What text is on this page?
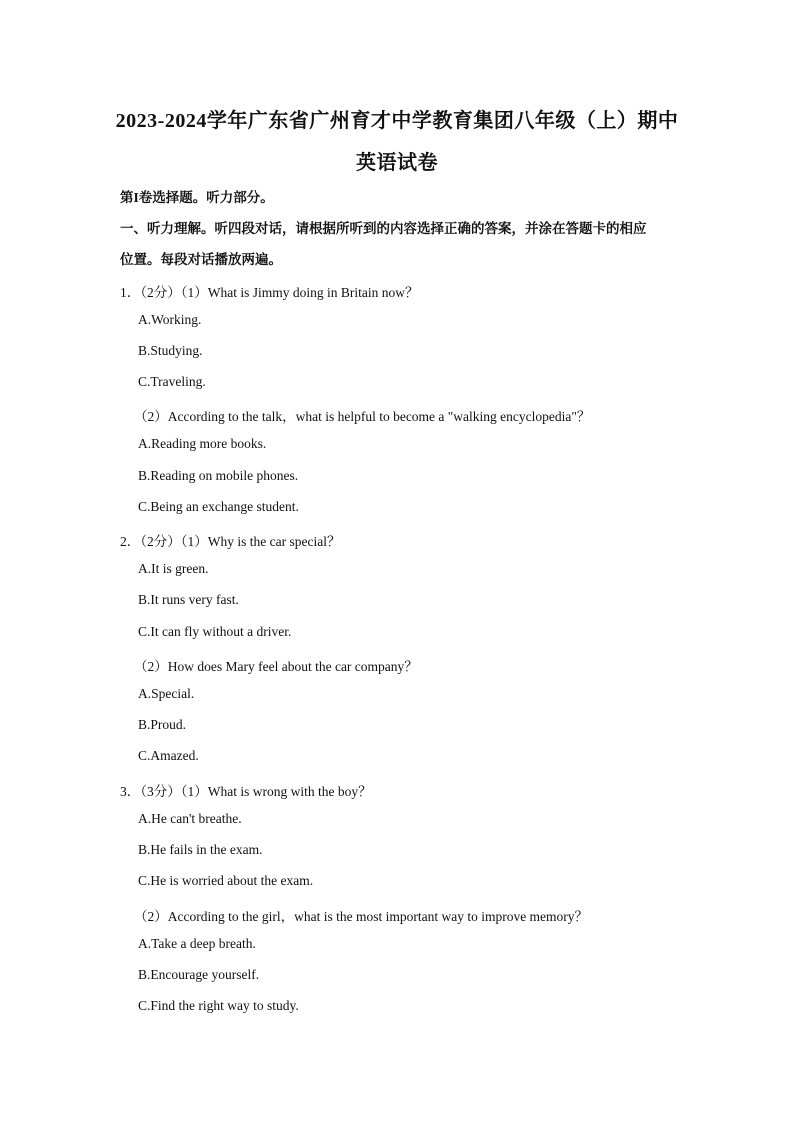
2023-2024学年广东省广州育才中学教育集团八年级（上）期中
英语试卷
第I卷选择题。听力部分。
一、听力理解。听四段对话，请根据所听到的内容选择正确的答案，并涂在答题卡的相应
位置。每段对话播放两遍。
1．（2分）（1）What is Jimmy doing in Britain now？
A.Working.
B.Studying.
C.Traveling.
（2）According to the talk，what is helpful to become a "walking encyclopedia"？
A.Reading more books.
B.Reading on mobile phones.
C.Being an exchange student.
2．（2分）（1）Why is the car special？
A.It is green.
B.It runs very fast.
C.It can fly without a driver.
（2）How does Mary feel about the car company？
A.Special.
B.Proud.
C.Amazed.
3．（3分）（1）What is wrong with the boy？
A.He can't breathe.
B.He fails in the exam.
C.He is worried about the exam.
（2）According to the girl，what is the most important way to improve memory？
A.Take a deep breath.
B.Encourage yourself.
C.Find the right way to study.
